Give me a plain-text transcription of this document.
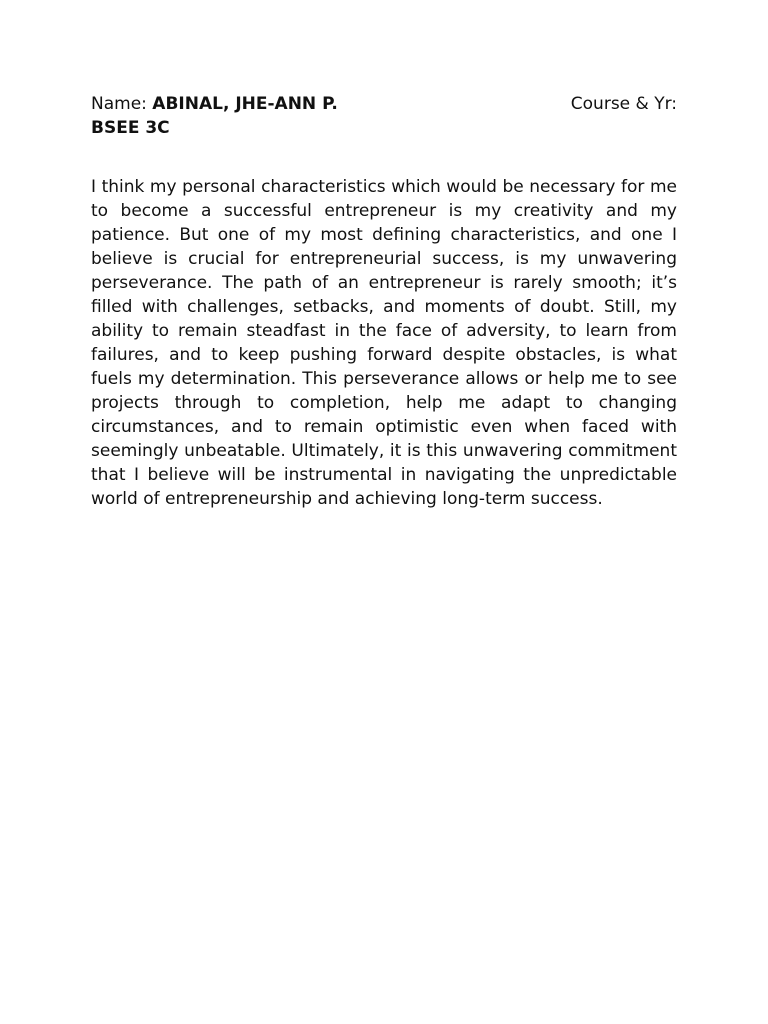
Name: ABINAL, JHE-ANN P.	Course & Yr:
BSEE 3C

I think my personal characteristics which would be necessary for me to become a successful entrepreneur is my creativity and my patience. But one of my most defining characteristics, and one I believe is crucial for entrepreneurial success, is my unwavering perseverance. The path of an entrepreneur is rarely smooth; it’s filled with challenges, setbacks, and moments of doubt. Still, my ability to remain steadfast in the face of adversity, to learn from failures, and to keep pushing forward despite obstacles, is what fuels my determination. This perseverance allows or help me to see projects through to completion, help me adapt to changing circumstances, and to remain optimistic even when faced with seemingly unbeatable. Ultimately, it is this unwavering commitment that I believe will be instrumental in navigating the unpredictable world of entrepreneurship and achieving long-term success.
